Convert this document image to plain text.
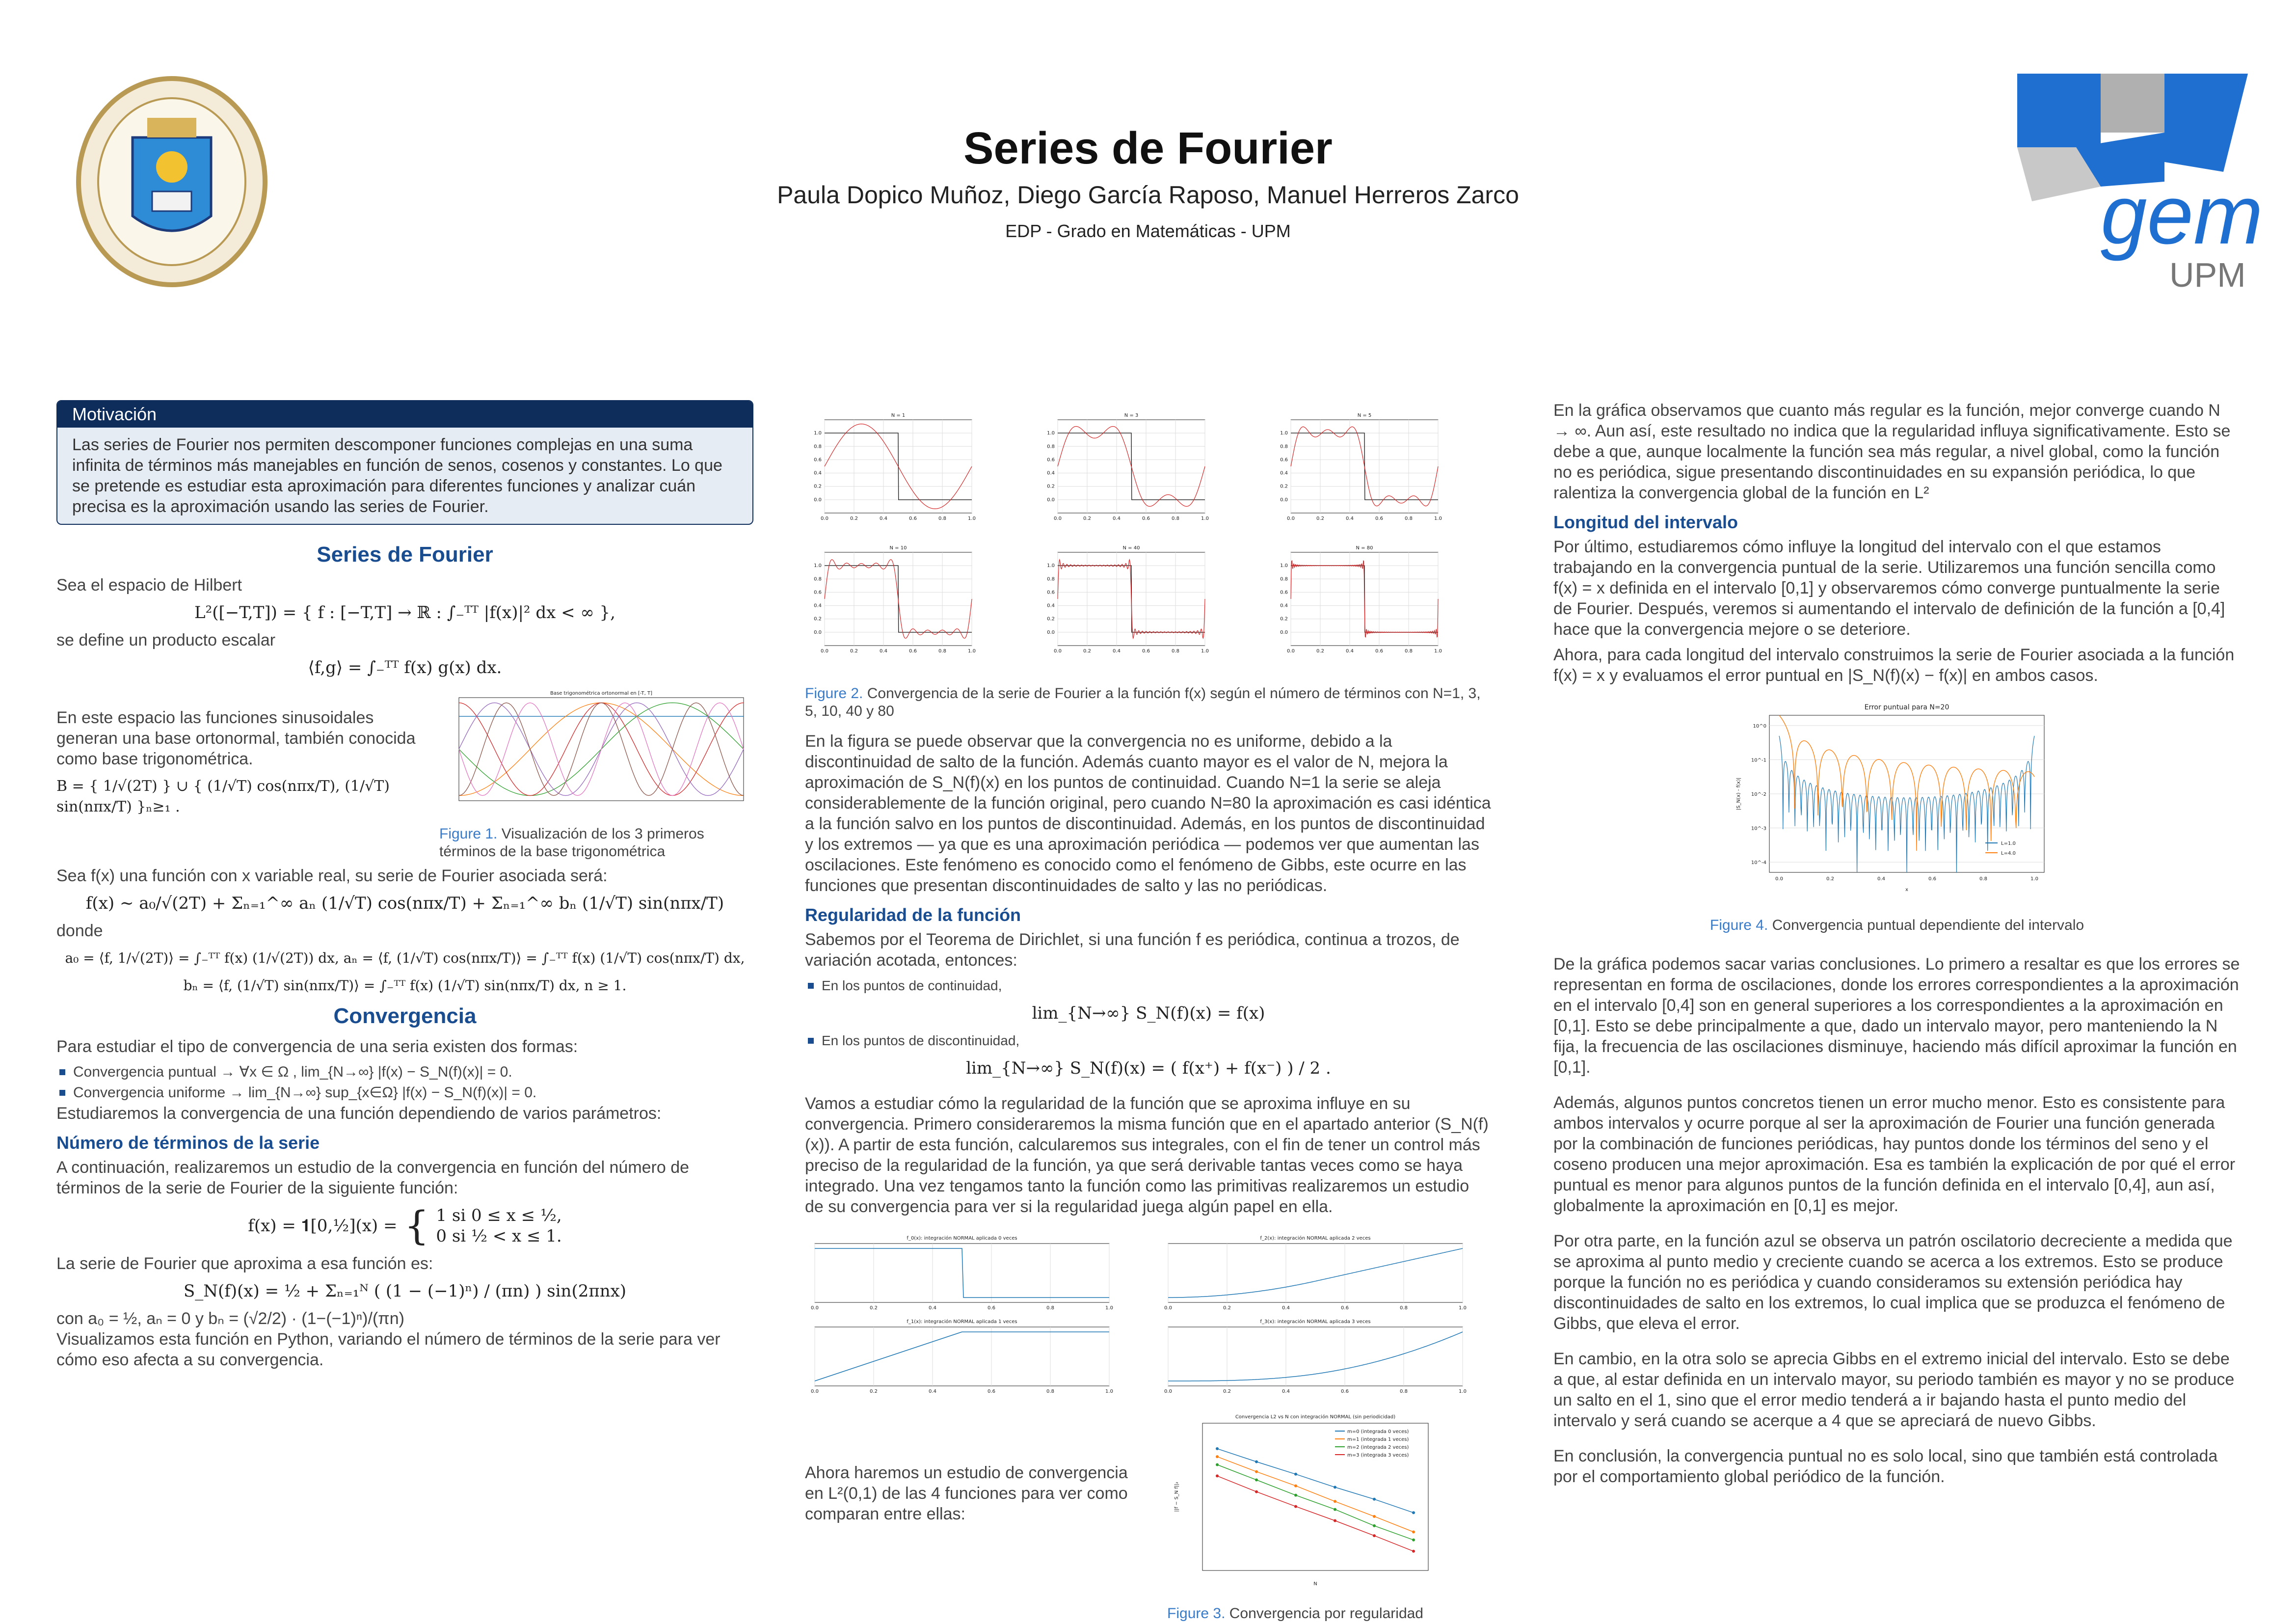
Series de Fourier
Paula Dopico Muñoz, Diego García Raposo, Manuel Herreros Zarco
EDP - Grado en Matemáticas - UPM	gem
UPM
Motivación
Las series de Fourier nos permiten descomponer funciones complejas en una suma infinita de términos más manejables en función de senos, cosenos y constantes. Lo que se pretende es estudiar esta aproximación para diferentes funciones y analizar cuán precisa es la aproximación usando las series de Fourier.
Series de Fourier

Sea el espacio de Hilbert

L²([−T,T]) = { f : [−T,T] → ℝ : ∫₋ᵀᵀ |f(x)|² dx < ∞ },

se define un producto escalar

⟨f,g⟩ = ∫₋ᵀᵀ f(x) g(x) dx.

En este espacio las funciones sinusoidales generan una base ortonormal, también conocida como base trigonométrica.

B = { 1/√(2T) } ∪ { (1/√T) cos(nπx/T), (1/√T) sin(nπx/T) }ₙ≥₁ .
Base trigonométrica ortonormal en [-T, T]
Figure 1. Visualización de los 3 primeros términos de la base trigonométrica

Sea f(x) una función con x variable real, su serie de Fourier asociada será:

f(x) ∼ a₀/√(2T) + Σₙ₌₁^∞ aₙ (1/√T) cos(nπx/T) + Σₙ₌₁^∞ bₙ (1/√T) sin(nπx/T)

donde

a₀ = ⟨f, 1/√(2T)⟩ = ∫₋ᵀᵀ f(x) (1/√(2T)) dx, aₙ = ⟨f, (1/√T) cos(nπx/T)⟩ = ∫₋ᵀᵀ f(x) (1/√T) cos(nπx/T) dx,
bₙ = ⟨f, (1/√T) sin(nπx/T)⟩ = ∫₋ᵀᵀ f(x) (1/√T) sin(nπx/T) dx, n ≥ 1.
Convergencia

Para estudiar el tipo de convergencia de una seria existen dos formas:

Convergencia puntual → ∀x ∈ Ω , lim_{N→∞} |f(x) − S_N(f)(x)| = 0.
Convergencia uniforme → lim_{N→∞} sup_{x∈Ω} |f(x) − S_N(f)(x)| = 0.

Estudiaremos la convergencia de una función dependiendo de varios parámetros:

Número de términos de la serie

A continuación, realizaremos un estudio de la convergencia en función del número de términos de la serie de Fourier de la siguiente función:

f(x) = 𝟏[0,½](x) = { 1 si 0 ≤ x ≤ ½,
0 si ½ < x ≤ 1.

La serie de Fourier que aproxima a esa función es:

S_N(f)(x) = ½ + Σₙ₌₁ᴺ ( (1 − (−1)ⁿ) / (πn) ) sin(2πnx)

con a₀ = ½, aₙ = 0 y bₙ = (√2/2) · (1−(−1)ⁿ)/(πn)

Visualizamos esta función en Python, variando el número de términos de la serie para ver cómo eso afecta a su convergencia.

N = 1
0.0	0.2	0.4	0.6	0.8	1.0
0.0
0.2
0.4
0.6
0.8
1.0
N = 3
0.0	0.2	0.4	0.6	0.8	1.0
0.0
0.2
0.4
0.6
0.8
1.0
N = 5
0.0	0.2	0.4	0.6	0.8	1.0
0.0
0.2
0.4
0.6
0.8
1.0
N = 10
0.0	0.2	0.4	0.6	0.8	1.0
0.0
0.2
0.4
0.6
0.8
1.0
N = 40
0.0	0.2	0.4	0.6	0.8	1.0
0.0
0.2
0.4
0.6
0.8
1.0
N = 80
0.0	0.2	0.4	0.6	0.8	1.0
0.0
0.2
0.4
0.6
0.8
1.0
Figure 2. Convergencia de la serie de Fourier a la función f(x) según el número de términos con N=1, 3, 5, 10, 40 y 80

En la figura se puede observar que la convergencia no es uniforme, debido a la discontinuidad de salto de la función. Además cuanto mayor es el valor de N, mejora la aproximación de S_N(f)(x) en los puntos de continuidad. Cuando N=1 la serie se aleja considerablemente de la función original, pero cuando N=80 la aproximación es casi idéntica a la función salvo en los puntos de discontinuidad. Además, en los puntos de discontinuidad y los extremos — ya que es una aproximación periódica — podemos ver que aumentan las oscilaciones. Este fenómeno es conocido como el fenómeno de Gibbs, este ocurre en las funciones que presentan discontinuidades de salto y las no periódicas.

Regularidad de la función

Sabemos por el Teorema de Dirichlet, si una función f es periódica, continua a trozos, de variación acotada, entonces:

En los puntos de continuidad,
lim_{N→∞} S_N(f)(x) = f(x)
En los puntos de discontinuidad,
lim_{N→∞} S_N(f)(x) = ( f(x⁺) + f(x⁻) ) / 2 .

Vamos a estudiar cómo la regularidad de la función que se aproxima influye en su convergencia. Primero consideraremos la misma función que en el apartado anterior (S_N(f)(x)). A partir de esta función, calcularemos sus integrales, con el fin de tener un control más preciso de la regularidad de la función, ya que será derivable tantas veces como se haya integrado. Una vez tengamos tanto la función como las primitivas realizaremos un estudio de su convergencia para ver si la regularidad juega algún papel en ella.

f_0(x): integración NORMAL aplicada 0 veces
0.0	0.2	0.4	0.6	0.8	1.0
f_2(x): integración NORMAL aplicada 2 veces
0.0	0.2	0.4	0.6	0.8	1.0
f_1(x): integración NORMAL aplicada 1 veces
0.0	0.2	0.4	0.6	0.8	1.0
f_3(x): integración NORMAL aplicada 3 veces
0.0	0.2	0.4	0.6	0.8	1.0

Ahora haremos un estudio de convergencia en L²(0,1) de las 4 funciones para ver como comparan entre ellas:

Convergencia L2 vs N con integración NORMAL (sin periodicidad)
N
||f − S_N f||₂
m=0 (integrada 0 veces)
m=1 (integrada 1 veces)
m=2 (integrada 2 veces)
m=3 (integrada 3 veces)
Figure 3. Convergencia por regularidad

En la gráfica observamos que cuanto más regular es la función, mejor converge cuando N → ∞. Aun así, este resultado no indica que la regularidad influya significativamente. Esto se debe a que, aunque localmente la función sea más regular, a nivel global, como la función no es periódica, sigue presentando discontinuidades en su expansión periódica, lo que ralentiza la convergencia global de la función en L²

Longitud del intervalo

Por último, estudiaremos cómo influye la longitud del intervalo con el que estamos trabajando en la convergencia puntual de la serie. Utilizaremos una función sencilla como f(x) = x definida en el intervalo [0,1] y observaremos cómo converge puntualmente la serie de Fourier. Después, veremos si aumentando el intervalo de definición de la función a [0,4] hace que la convergencia mejore o se deteriore.

Ahora, para cada longitud del intervalo construimos la serie de Fourier asociada a la función f(x) = x y evaluamos el error puntual en |S_N(f)(x) − f(x)| en ambos casos.

Error puntual para N=20
x
|S_N(x) - f(x)|
0.0	0.2	0.4	0.6	0.8	1.0
10^-4
10^-3
10^-2
10^-1
10^0
L=1.0
L=4.0
Figure 4. Convergencia puntual dependiente del intervalo

De la gráfica podemos sacar varias conclusiones. Lo primero a resaltar es que los errores se representan en forma de oscilaciones, donde los errores correspondientes a la aproximación en el intervalo [0,4] son en general superiores a los correspondientes a la aproximación en [0,1]. Esto se debe principalmente a que, dado un intervalo mayor, pero manteniendo la N fija, la frecuencia de las oscilaciones disminuye, haciendo más difícil aproximar la función en [0,1].

Además, algunos puntos concretos tienen un error mucho menor. Esto es consistente para ambos intervalos y ocurre porque al ser la aproximación de Fourier una función generada por la combinación de funciones periódicas, hay puntos donde los términos del seno y el coseno producen una mejor aproximación. Esa es también la explicación de por qué el error puntual es menor para algunos puntos de la función definida en el intervalo [0,4], aun así, globalmente la aproximación en [0,1] es mejor.

Por otra parte, en la función azul se observa un patrón oscilatorio decreciente a medida que se aproxima al punto medio y creciente cuando se acerca a los extremos. Esto se produce porque la función no es periódica y cuando consideramos su extensión periódica hay discontinuidades de salto en los extremos, lo cual implica que se produzca el fenómeno de Gibbs, que eleva el error.

En cambio, en la otra solo se aprecia Gibbs en el extremo inicial del intervalo. Esto se debe a que, al estar definida en un intervalo mayor, su periodo también es mayor y no se produce un salto en el 1, sino que el error medio tenderá a ir bajando hasta el punto medio del intervalo y será cuando se acerque a 4 que se apreciará de nuevo Gibbs.

En conclusión, la convergencia puntual no es solo local, sino que también está controlada por el comportamiento global periódico de la función.
